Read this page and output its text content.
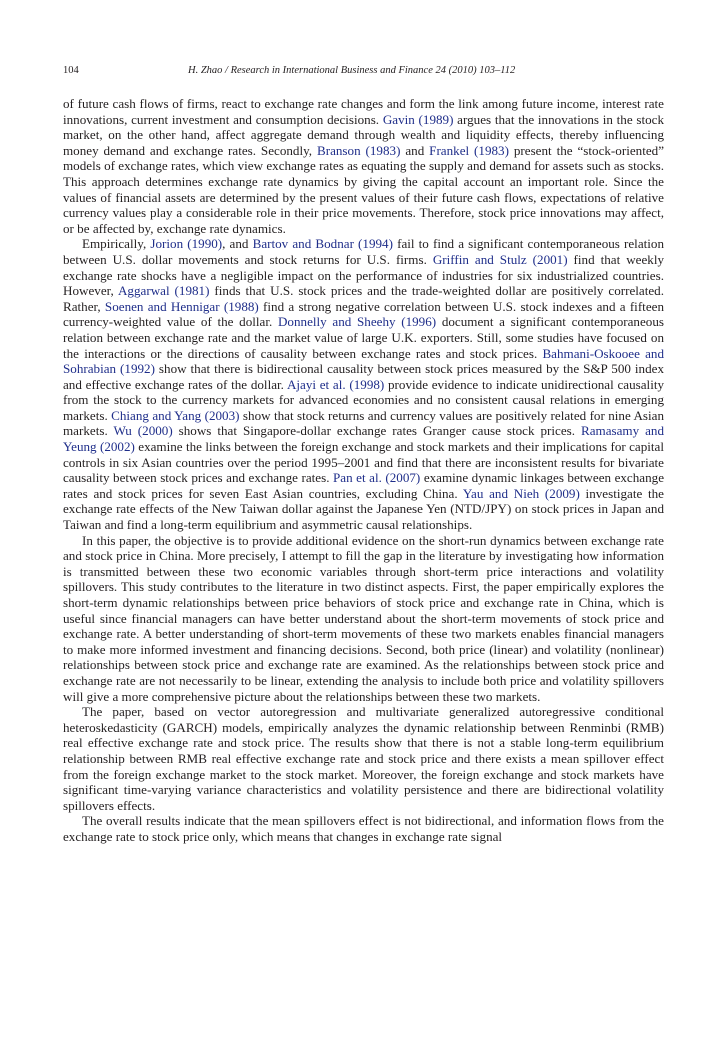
104	H. Zhao / Research in International Business and Finance 24 (2010) 103–112

of future cash flows of firms, react to exchange rate changes and form the link among future income, interest rate innovations, current investment and consumption decisions. Gavin (1989) argues that the innovations in the stock market, on the other hand, affect aggregate demand through wealth and liquidity effects, thereby influencing money demand and exchange rates. Secondly, Branson (1983) and Frankel (1983) present the “stock-oriented” models of exchange rates, which view exchange rates as equating the supply and demand for assets such as stocks. This approach determines exchange rate dynamics by giving the capital account an important role. Since the values of financial assets are determined by the present values of their future cash flows, expectations of relative currency values play a considerable role in their price movements. Therefore, stock price innovations may affect, or be affected by, exchange rate dynamics.

Empirically, Jorion (1990), and Bartov and Bodnar (1994) fail to find a significant contemporaneous relation between U.S. dollar movements and stock returns for U.S. firms. Griffin and Stulz (2001) find that weekly exchange rate shocks have a negligible impact on the performance of industries for six industrialized countries. However, Aggarwal (1981) finds that U.S. stock prices and the trade-weighted dollar are positively correlated. Rather, Soenen and Hennigar (1988) find a strong negative correlation between U.S. stock indexes and a fifteen currency-weighted value of the dollar. Donnelly and Sheehy (1996) document a significant contemporaneous relation between exchange rate and the market value of large U.K. exporters. Still, some studies have focused on the interactions or the directions of causality between exchange rates and stock prices. Bahmani-Oskooee and Sohrabian (1992) show that there is bidirectional causality between stock prices measured by the S&P 500 index and effective exchange rates of the dollar. Ajayi et al. (1998) provide evidence to indicate unidirectional causality from the stock to the currency markets for advanced economies and no consistent causal relations in emerging markets. Chiang and Yang (2003) show that stock returns and currency values are positively related for nine Asian markets. Wu (2000) shows that Singapore-dollar exchange rates Granger cause stock prices. Ramasamy and Yeung (2002) examine the links between the foreign exchange and stock markets and their implications for capital controls in six Asian countries over the period 1995–2001 and find that there are inconsistent results for bivariate causality between stock prices and exchange rates. Pan et al. (2007) examine dynamic linkages between exchange rates and stock prices for seven East Asian countries, excluding China. Yau and Nieh (2009) investigate the exchange rate effects of the New Taiwan dollar against the Japanese Yen (NTD/JPY) on stock prices in Japan and Taiwan and find a long-term equilibrium and asymmetric causal relationships.

In this paper, the objective is to provide additional evidence on the short-run dynamics between exchange rate and stock price in China. More precisely, I attempt to fill the gap in the literature by investigating how information is transmitted between these two economic variables through short-term price interactions and volatility spillovers. This study contributes to the literature in two distinct aspects. First, the paper empirically explores the short-term dynamic relationships between price behaviors of stock price and exchange rate in China, which is useful since financial managers can have better understand about the short-term movements of stock price and exchange rate. A better understanding of short-term movements of these two markets enables financial managers to make more informed investment and financing decisions. Second, both price (linear) and volatility (nonlinear) relationships between stock price and exchange rate are examined. As the relationships between stock price and exchange rate are not necessarily to be linear, extending the analysis to include both price and volatility spillovers will give a more comprehensive picture about the relationships between these two markets.

The paper, based on vector autoregression and multivariate generalized autoregressive conditional heteroskedasticity (GARCH) models, empirically analyzes the dynamic relationship between Renminbi (RMB) real effective exchange rate and stock price. The results show that there is not a stable long-term equilibrium relationship between RMB real effective exchange rate and stock price and there exists a mean spillover effect from the foreign exchange market to the stock market. Moreover, the foreign exchange and stock markets have significant time-varying variance characteristics and volatility persistence and there are bidirectional volatility spillovers effects.

The overall results indicate that the mean spillovers effect is not bidirectional, and information flows from the exchange rate to stock price only, which means that changes in exchange rate signal
